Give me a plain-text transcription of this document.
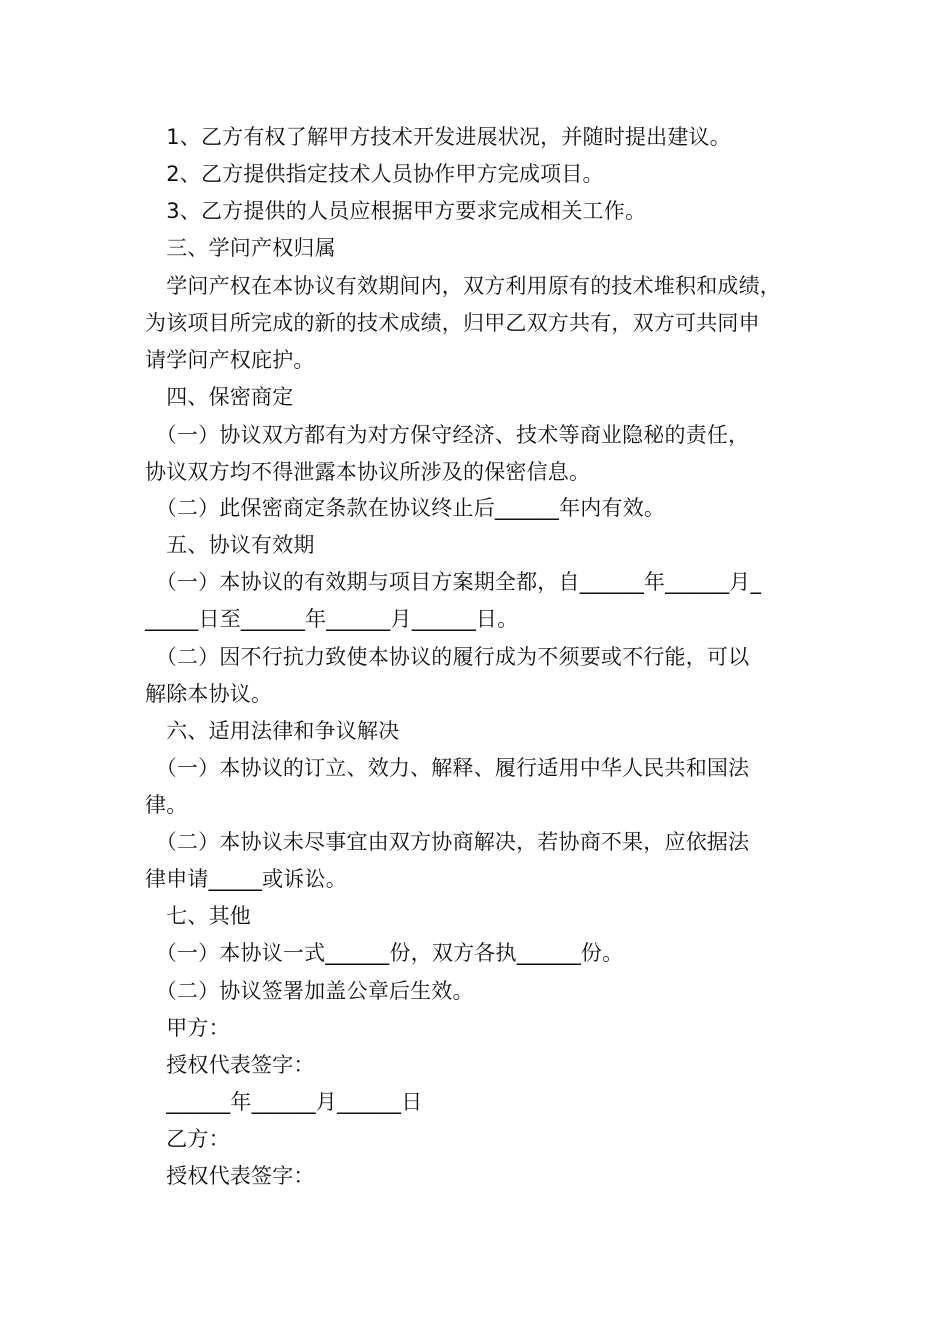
　1、乙方有权了解甲方技术开发进展状况，并随时提出建议。
　2、乙方提供指定技术人员协作甲方完成项目。
　3、乙方提供的人员应根据甲方要求完成相关工作。
　三、学问产权归属
　学问产权在本协议有效期间内，双方利用原有的技术堆积和成绩，
为该项目所完成的新的技术成绩，归甲乙双方共有，双方可共同申
请学问产权庇护。
　四、保密商定
　（一）协议双方都有为对方保守经济、技术等商业隐秘的责任，
协议双方均不得泄露本协议所涉及的保密信息。
　（二）此保密商定条款在协议终止后______年内有效。
　五、协议有效期
　（一）本协议的有效期与项目方案期全都，自______年______月_
_____日至______年______月______日。
　（二）因不行抗力致使本协议的履行成为不须要或不行能，可以
解除本协议。
　六、适用法律和争议解决
　（一）本协议的订立、效力、解释、履行适用中华人民共和国法
律。
　（二）本协议未尽事宜由双方协商解决，若协商不果，应依据法
律申请_____或诉讼。
　七、其他
　（一）本协议一式______份，双方各执______份。
　（二）协议签署加盖公章后生效。
　甲方：
　授权代表签字：
　______年______月______日
　乙方：
　授权代表签字：
